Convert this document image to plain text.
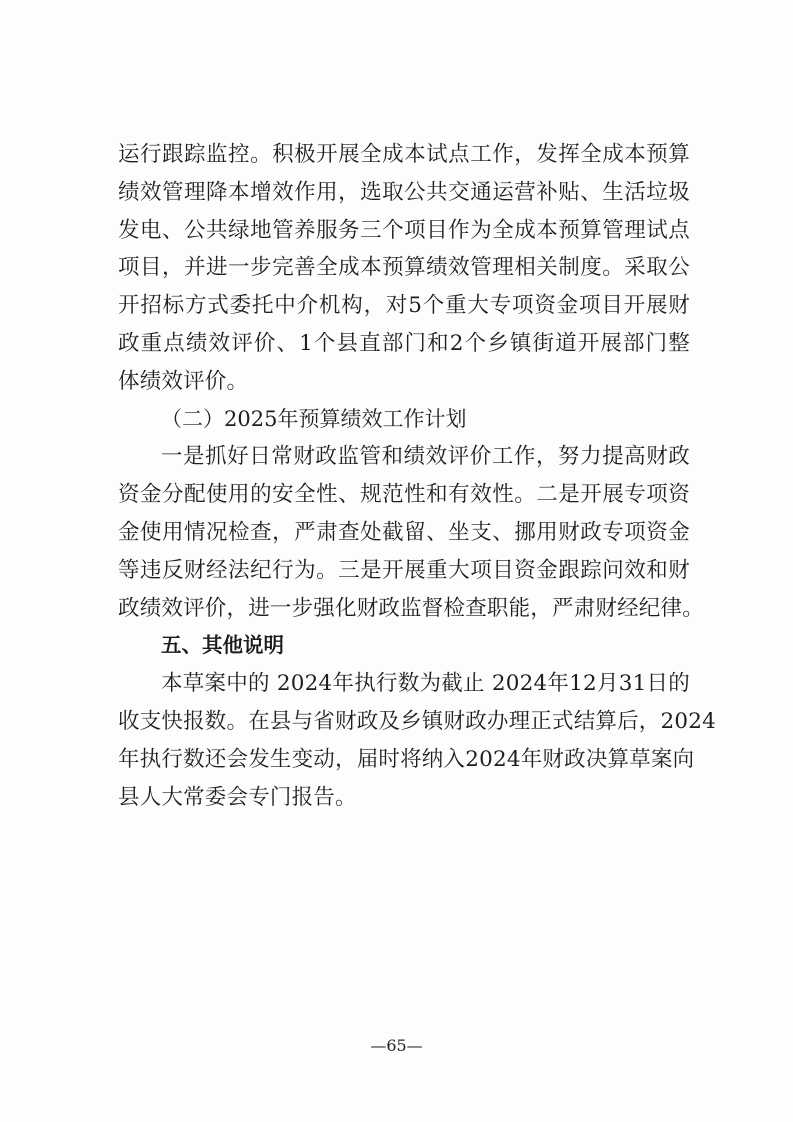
运行跟踪监控。积极开展全成本试点工作，发挥全成本预算
绩效管理降本增效作用，选取公共交通运营补贴、生活垃圾
发电、公共绿地管养服务三个项目作为全成本预算管理试点
项目，并进一步完善全成本预算绩效管理相关制度。采取公
开招标方式委托中介机构，对5个重大专项资金项目开展财
政重点绩效评价、1个县直部门和2个乡镇街道开展部门整
体绩效评价。
（二）2025年预算绩效工作计划
一是抓好日常财政监管和绩效评价工作，努力提高财政
资金分配使用的安全性、规范性和有效性。二是开展专项资
金使用情况检查，严肃查处截留、坐支、挪用财政专项资金
等违反财经法纪行为。三是开展重大项目资金跟踪问效和财
政绩效评价，进一步强化财政监督检查职能，严肃财经纪律。
五、其他说明
本草案中的 2024年执行数为截止 2024年12月31日的
收支快报数。在县与省财政及乡镇财政办理正式结算后，2024
年执行数还会发生变动，届时将纳入2024年财政决算草案向
县人大常委会专门报告。
—65—
